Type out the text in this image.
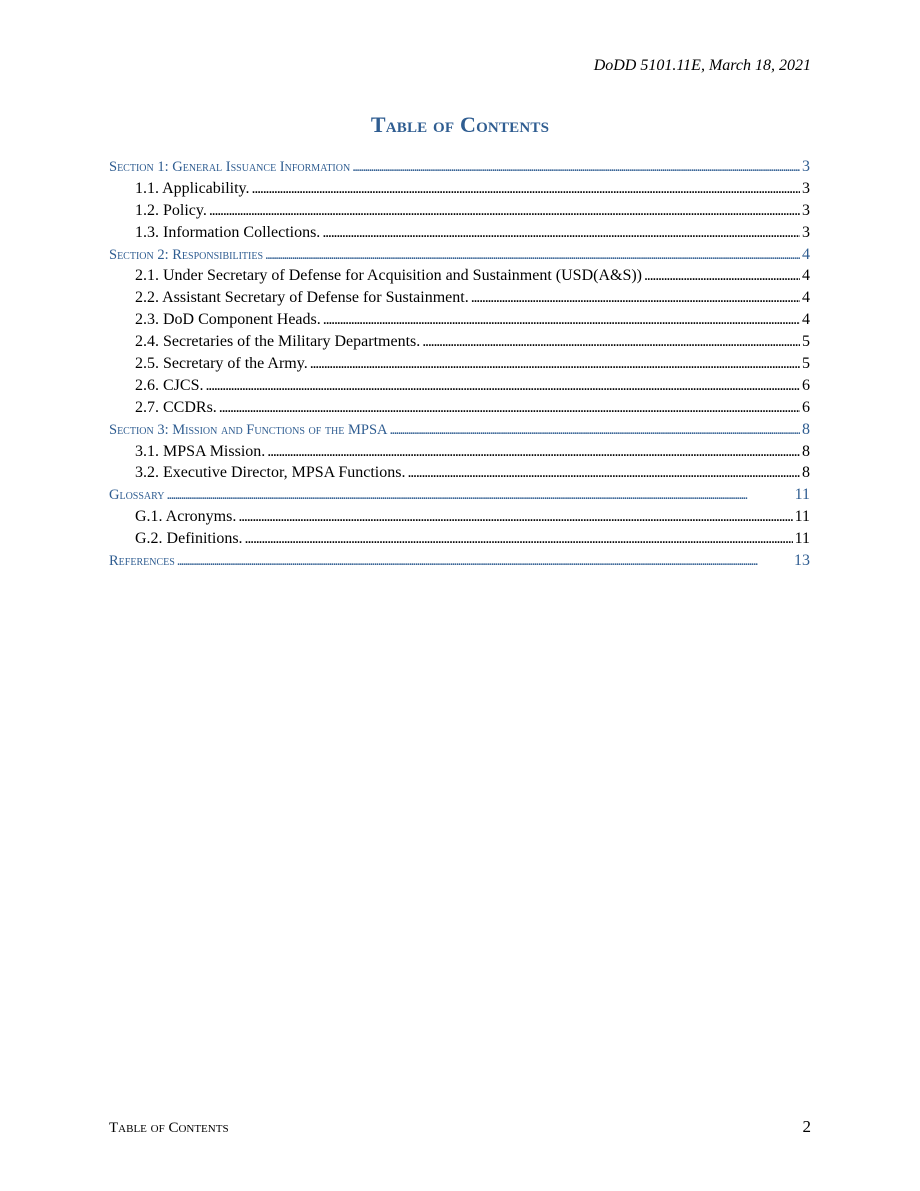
DoDD 5101.11E, March 18, 2021
Table of Contents
Section 1: General Issuance Information . . .	3
1.1. Applicability. . . .	3
1.2. Policy. . . .	3
1.3. Information Collections. . . .	3
Section 2: Responsibilities . . .	4
2.1. Under Secretary of Defense for Acquisition and Sustainment (USD(A&S)) . . .	4
2.2. Assistant Secretary of Defense for Sustainment. . . .	4
2.3. DoD Component Heads. . . .	4
2.4. Secretaries of the Military Departments. . . .	5
2.5. Secretary of the Army. . . .	5
2.6. CJCS. . . .	6
2.7. CCDRs. . . .	6
Section 3: Mission and Functions of the MPSA . . .	8
3.1. MPSA Mission. . . .	8
3.2. Executive Director, MPSA Functions. . . .	8
Glossary . . .	11
G.1. Acronyms. . . .	11
G.2. Definitions. . . .	11
References . . .	13
Table of Contents	2
